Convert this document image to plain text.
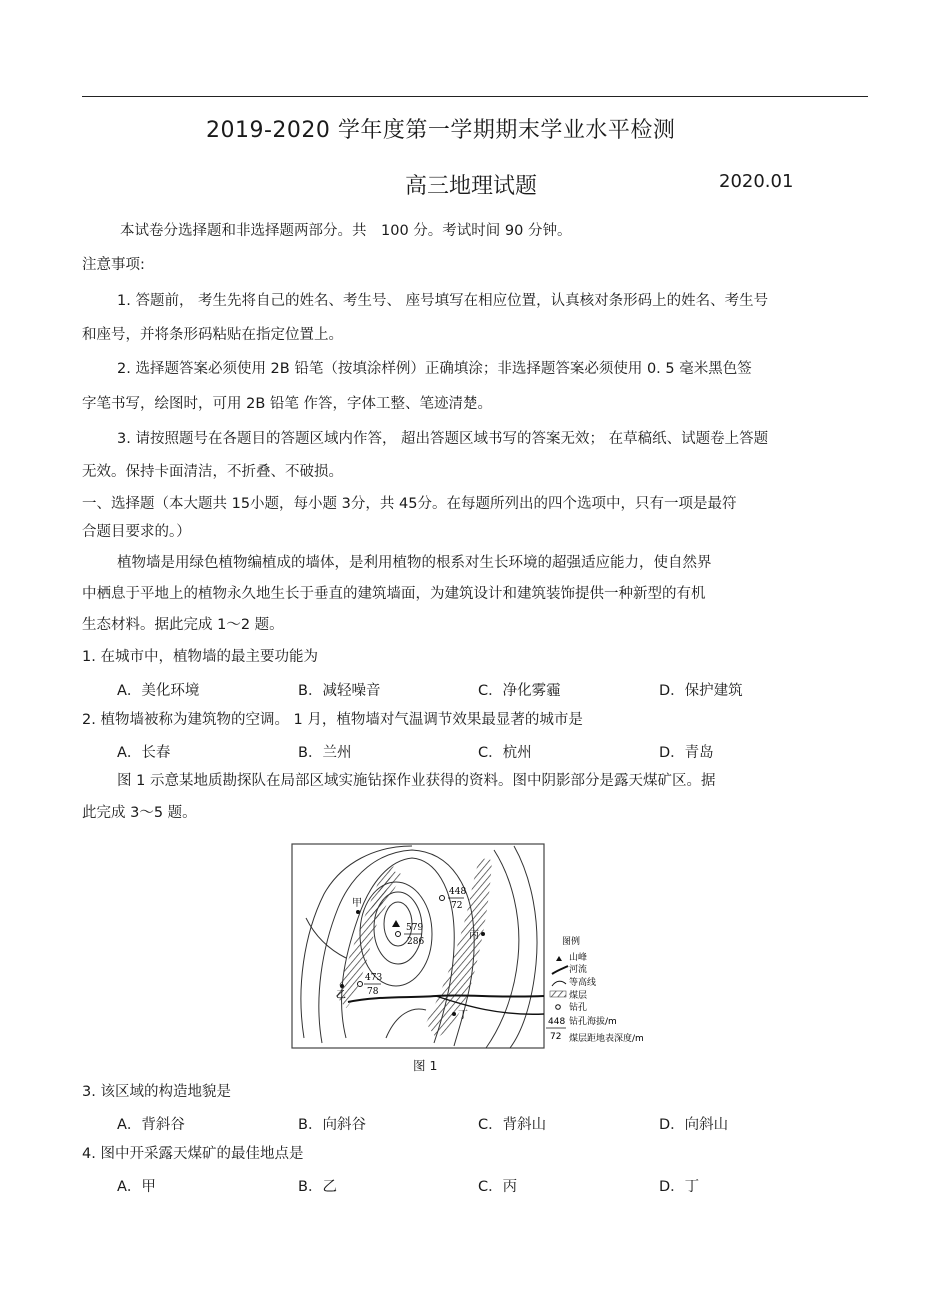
2019-2020 学年度第一学期期末学业水平检测
高三地理试题	2020.01
本试卷分选择题和非选择题两部分。共　100 分。考试时间 90 分钟。
注意事项:
1. 答题前， 考生先将自己的姓名、考生号、 座号填写在相应位置，认真核对条形码上的姓名、考生号
和座号，并将条形码粘贴在指定位置上。
2. 选择题答案必须使用 2B 铅笔（按填涂样例）正确填涂；非选择题答案必须使用 0. 5 毫米黑色签
字笔书写，绘图时，可用 2B 铅笔 作答，字体工整、笔迹清楚。
3. 请按照题号在各题目的答题区域内作答， 超出答题区域书写的答案无效； 在草稿纸、试题卷上答题
无效。保持卡面清洁，不折叠、不破损。
一、选择题（本大题共 15小题，每小题 3分，共 45分。在每题所列出的四个选项中，只有一项是最符
合题目要求的。）
植物墙是用绿色植物编植成的墙体，是利用植物的根系对生长环境的超强适应能力，使自然界
中栖息于平地上的植物永久地生长于垂直的建筑墙面，为建筑设计和建筑装饰提供一种新型的有机
生态材料。据此完成 1～2 题。
1. 在城市中，植物墙的最主要功能为
A．美化环境	B．减轻噪音	C．净化雾霾	D．保护建筑
2. 植物墙被称为建筑物的空调。 1 月，植物墙对气温调节效果最显著的城市是
A．长春	B．兰州	C．杭州	D．青岛
图 1 示意某地质勘探队在局部区域实施钻探作业获得的资料。图中阴影部分是露天煤矿区。据
此完成 3～5 题。
448
72
579
286
473
78
甲
乙
丙
丁
图例
山峰
河流
等高线
煤层
钻孔
448 钻孔海拔/m
72 煤层距地表深度/m
图 1
3. 该区域的构造地貌是
A．背斜谷	B．向斜谷	C．背斜山	D．向斜山
4. 图中开采露天煤矿的最佳地点是
A．甲	B．乙	C．丙	D．丁
